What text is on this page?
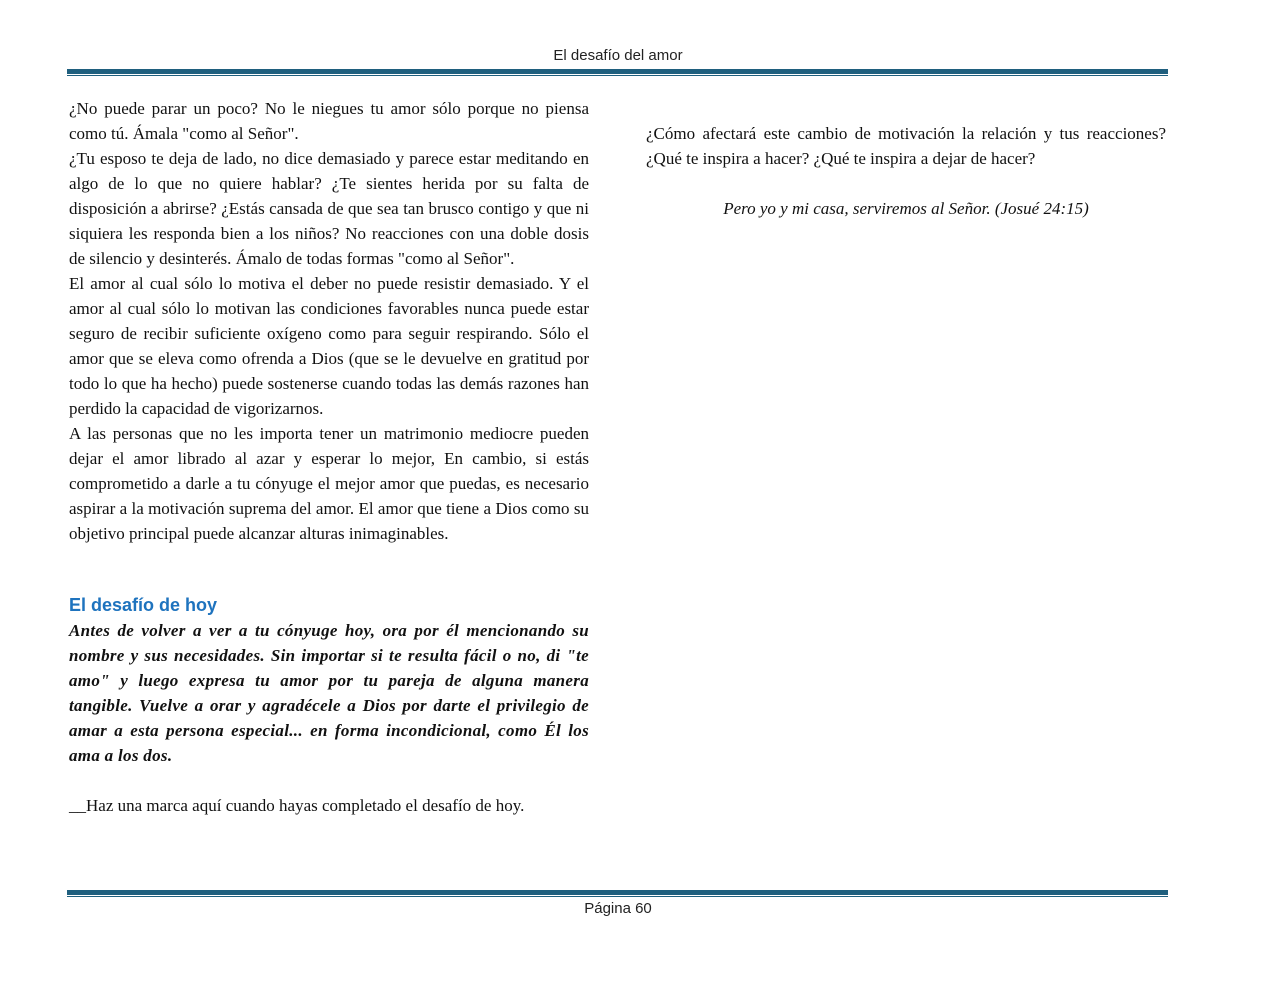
El desafío del amor

¿No puede parar un poco? No le niegues tu amor sólo porque no piensa como tú. Ámala "como al Señor".

¿Tu esposo te deja de lado, no dice demasiado y parece estar meditando en algo de lo que no quiere hablar? ¿Te sientes herida por su falta de disposición a abrirse? ¿Estás cansada de que sea tan brusco contigo y que ni siquiera les responda bien a los niños? No reacciones con una doble dosis de silencio y desinterés. Ámalo de todas formas "como al Señor".

El amor al cual sólo lo motiva el deber no puede resistir demasiado. Y el amor al cual sólo lo motivan las condiciones favorables nunca puede estar seguro de recibir suficiente oxígeno como para seguir respirando. Sólo el amor que se eleva como ofrenda a Dios (que se le devuelve en gratitud por todo lo que ha hecho) puede sostenerse cuando todas las demás razones han perdido la capacidad de vigorizarnos.

A las personas que no les importa tener un matrimonio mediocre pueden dejar el amor librado al azar y esperar lo mejor, En cambio, si estás comprometido a darle a tu cónyuge el mejor amor que puedas, es necesario aspirar a la motivación suprema del amor. El amor que tiene a Dios como su objetivo principal puede alcanzar alturas inimaginables.

El desafío de hoy

Antes de volver a ver a tu cónyuge hoy, ora por él mencionando su nombre y sus necesidades. Sin importar si te resulta fácil o no, di "te amo" y luego expresa tu amor por tu pareja de alguna manera tangible. Vuelve a orar y agradécele a Dios por darte el privilegio de amar a esta persona especial... en forma incondicional, como Él los ama a los dos.

__Haz una marca aquí cuando hayas completado el desafío de hoy.

¿Cómo afectará este cambio de motivación la relación y tus reacciones? ¿Qué te inspira a hacer? ¿Qué te inspira a dejar de hacer?

Pero yo y mi casa, serviremos al Señor. (Josué 24:15)

Página 60
